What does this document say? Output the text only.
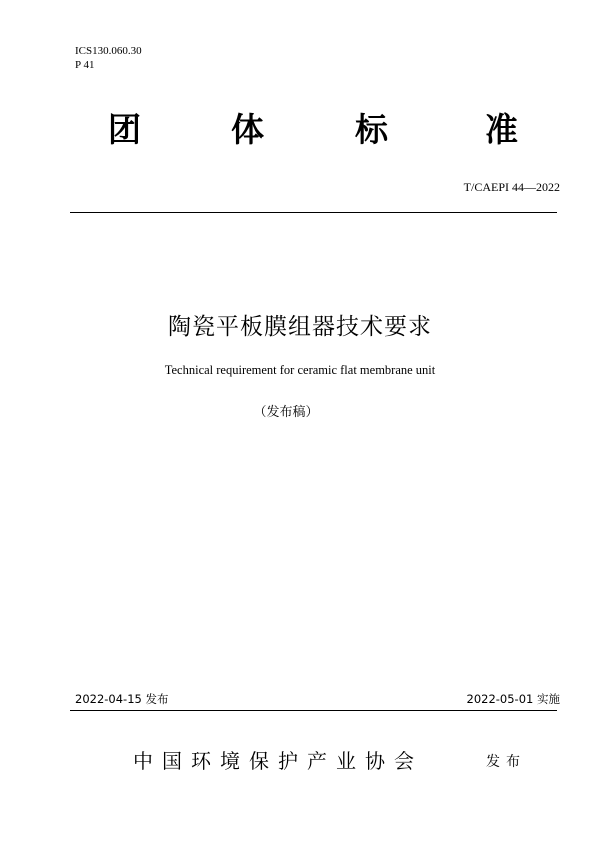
ICS130.060.30
P 41
团	体	标	准
T/CAEPI 44—2022
陶瓷平板膜组器技术要求
Technical requirement for ceramic flat membrane unit
（发布稿）
2022-04-15 发布	2022-05-01 实施
中国环境保护产业协会	发布
